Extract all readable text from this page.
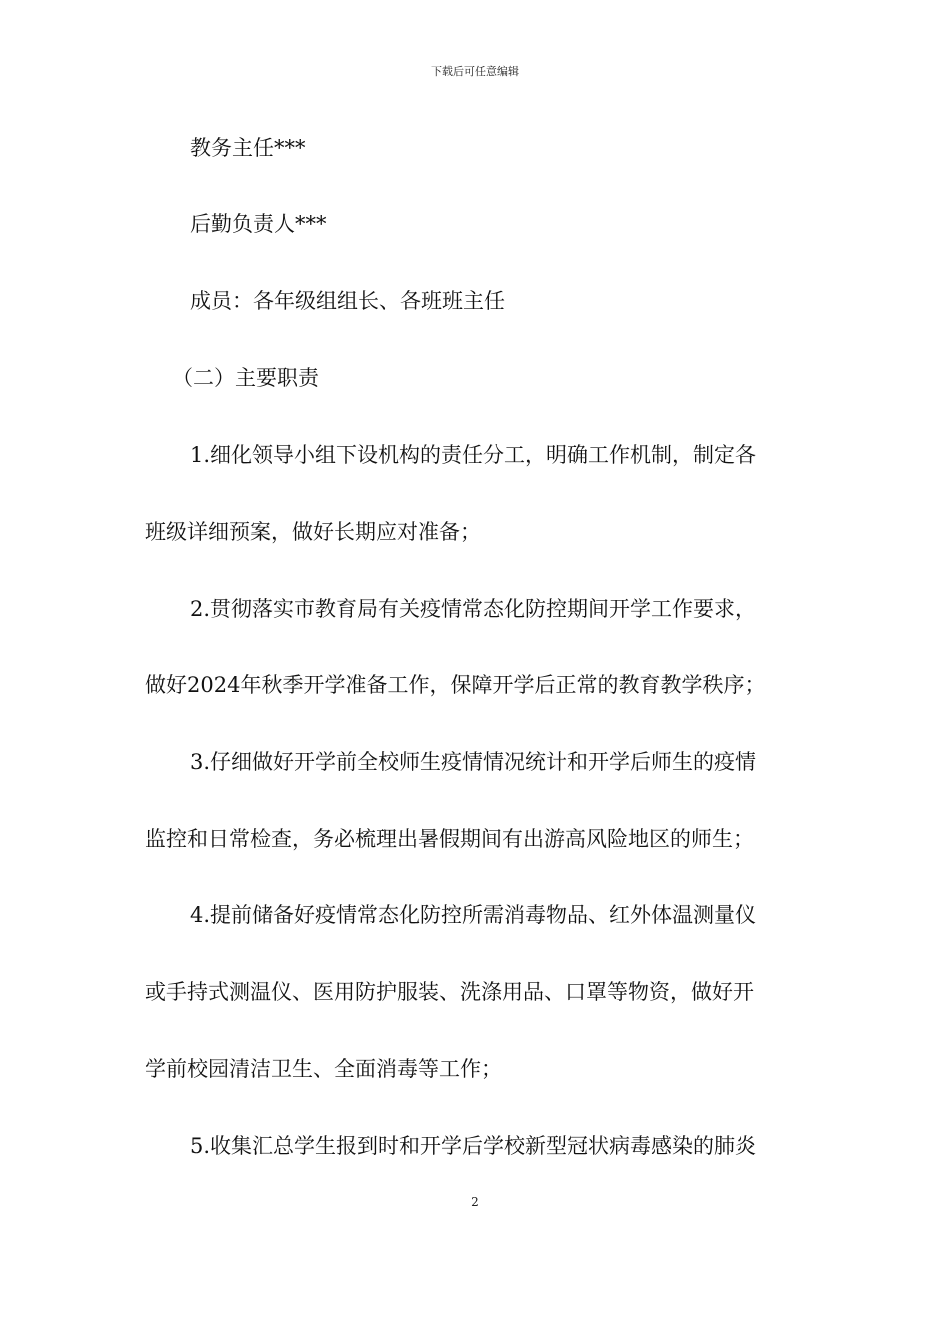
下载后可任意编辑
教务主任***
后勤负责人***
成员：各年级组组长、各班班主任
（二）主要职责
1.细化领导小组下设机构的责任分工，明确工作机制，制定各
班级详细预案，做好长期应对准备；
2.贯彻落实市教育局有关疫情常态化防控期间开学工作要求，
做好2024年秋季开学准备工作，保障开学后正常的教育教学秩序；
3.仔细做好开学前全校师生疫情情况统计和开学后师生的疫情
监控和日常检查，务必梳理出暑假期间有出游高风险地区的师生；
4.提前储备好疫情常态化防控所需消毒物品、红外体温测量仪
或手持式测温仪、医用防护服装、洗涤用品、口罩等物资，做好开
学前校园清洁卫生、全面消毒等工作；
5.收集汇总学生报到时和开学后学校新型冠状病毒感染的肺炎
2
